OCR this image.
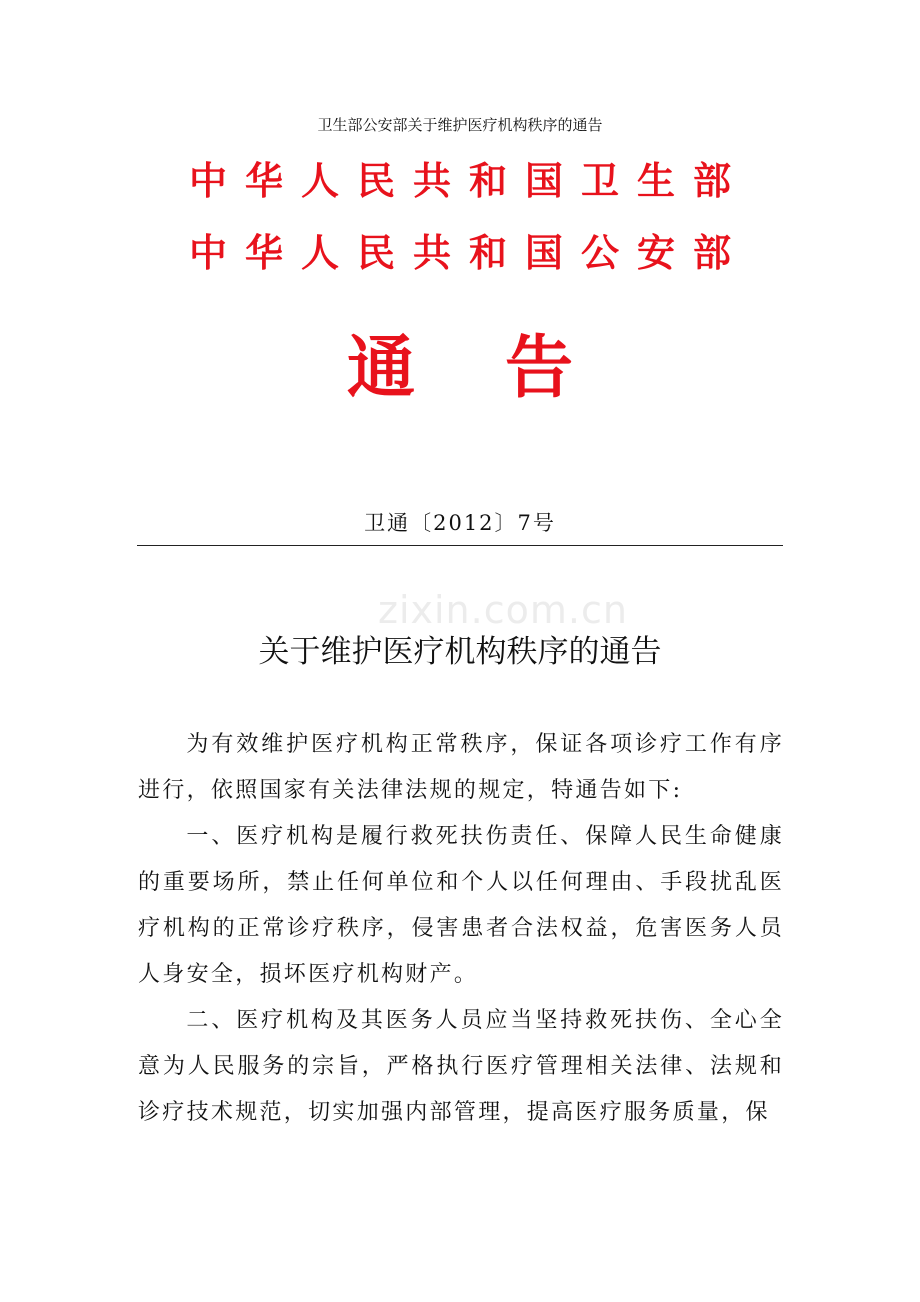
卫生部公安部关于维护医疗机构秩序的通告
中华人民共和国卫生部
中华人民共和国公安部
通告
卫通〔2012〕7号
zixin.com.cn
关于维护医疗机构秩序的通告

为有效维护医疗机构正常秩序，保证各项诊疗工作有序进行，依照国家有关法律法规的规定，特通告如下:

一、医疗机构是履行救死扶伤责任、保障人民生命健康的重要场所，禁止任何单位和个人以任何理由、手段扰乱医疗机构的正常诊疗秩序，侵害患者合法权益，危害医务人员人身安全，损坏医疗机构财产。

二、医疗机构及其医务人员应当坚持救死扶伤、全心全意为人民服务的宗旨，严格执行医疗管理相关法律、法规和诊疗技术规范，切实加强内部管理，提高医疗服务质量，保
